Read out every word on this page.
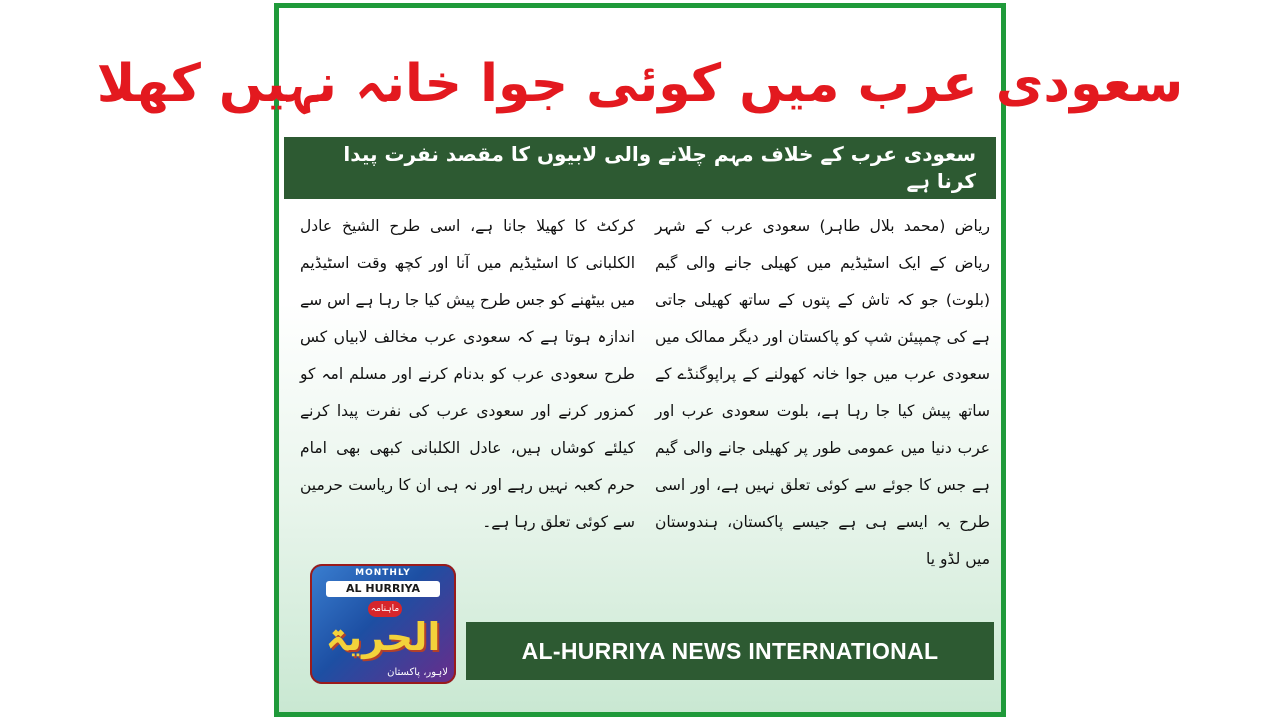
سعودی عرب میں کوئی جوا خانہ نہیں کھلا
سعودی عرب کے خلاف مہم چلانے والی لابیوں کا مقصد نفرت پیدا کرنا ہے
ریاض (محمد بلال طاہر) سعودی عرب کے شہر ریاض کے ایک اسٹیڈیم میں کھیلی جانے والی گیم (بلوت) جو کہ تاش کے پتوں کے ساتھ کھیلی جاتی ہے کی چمپیئن شپ کو پاکستان اور دیگر ممالک میں سعودی عرب میں جوا خانہ کھولنے کے پراپوگنڈے کے ساتھ پیش کیا جا رہا ہے، بلوت سعودی عرب اور عرب دنیا میں عمومی طور پر کھیلی جانے والی گیم ہے جس کا جوئے سے کوئی تعلق نہیں ہے، اور اسی طرح یہ ایسے ہی ہے جیسے پاکستان، ہندوستان میں لڈو یا
کرکٹ کا کھیلا جانا ہے، اسی طرح الشیخ عادل الکلبانی کا اسٹیڈیم میں آنا اور کچھ وقت اسٹیڈیم میں بیٹھنے کو جس طرح پیش کیا جا رہا ہے اس سے اندازہ ہوتا ہے کہ سعودی عرب مخالف لابیاں کس طرح سعودی عرب کو بدنام کرنے اور مسلم امہ کو کمزور کرنے اور سعودی عرب کی نفرت پیدا کرنے کیلئے کوشاں ہیں، عادل الکلبانی کبھی بھی امام حرم کعبہ نہیں رہے اور نہ ہی ان کا ریاست حرمین سے کوئی تعلق رہا ہے۔
MONTHLY
AL HURRIYA
ماہنامہ
الحریۃ
لاہور، پاکستان
AL-HURRIYA NEWS INTERNATIONAL
